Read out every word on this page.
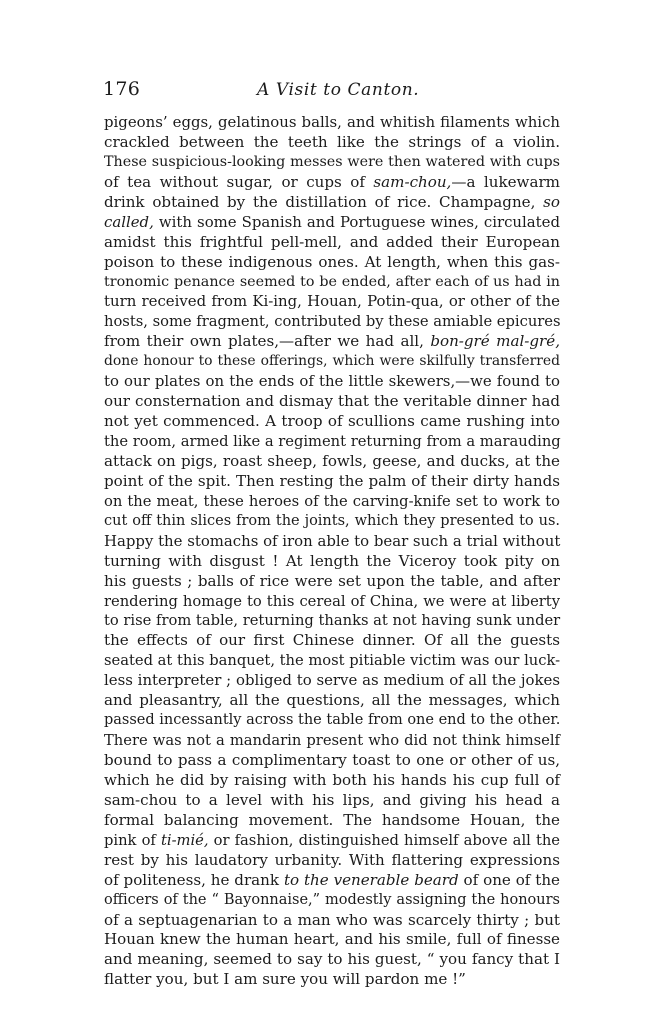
176	A Visit to Canton.
pigeons’ eggs, gelatinous balls, and whitish filaments which
crackled between the teeth like the strings of a violin.
These suspicious-looking messes were then watered with cups
of tea without sugar, or cups of sam-chou,—a lukewarm
drink obtained by the distillation of rice. Champagne, so
called, with some Spanish and Portuguese wines, circulated
amidst this frightful pell-mell, and added their European
poison to these indigenous ones. At length, when this gas-
tronomic penance seemed to be ended, after each of us had in
turn received from Ki-ing, Houan, Potin-qua, or other of the
hosts, some fragment, contributed by these amiable epicures
from their own plates,—after we had all, bon-gré mal-gré,
done honour to these offerings, which were skilfully transferred
to our plates on the ends of the little skewers,—we found to
our consternation and dismay that the veritable dinner had
not yet commenced. A troop of scullions came rushing into
the room, armed like a regiment returning from a marauding
attack on pigs, roast sheep, fowls, geese, and ducks, at the
point of the spit. Then resting the palm of their dirty hands
on the meat, these heroes of the carving-knife set to work to
cut off thin slices from the joints, which they presented to us.
Happy the stomachs of iron able to bear such a trial without
turning with disgust ! At length the Viceroy took pity on
his guests ; balls of rice were set upon the table, and after
rendering homage to this cereal of China, we were at liberty
to rise from table, returning thanks at not having sunk under
the effects of our first Chinese dinner. Of all the guests
seated at this banquet, the most pitiable victim was our luck-
less interpreter ; obliged to serve as medium of all the jokes
and pleasantry, all the questions, all the messages, which
passed incessantly across the table from one end to the other.
There was not a mandarin present who did not think himself
bound to pass a complimentary toast to one or other of us,
which he did by raising with both his hands his cup full of
sam-chou to a level with his lips, and giving his head a
formal balancing movement. The handsome Houan, the
pink of ti-mié, or fashion, distinguished himself above all the
rest by his laudatory urbanity. With flattering expressions
of politeness, he drank to the venerable beard of one of the
officers of the “ Bayonnaise,” modestly assigning the honours
of a septuagenarian to a man who was scarcely thirty ; but
Houan knew the human heart, and his smile, full of finesse
and meaning, seemed to say to his guest, “ you fancy that I
flatter you, but I am sure you will pardon me !”
